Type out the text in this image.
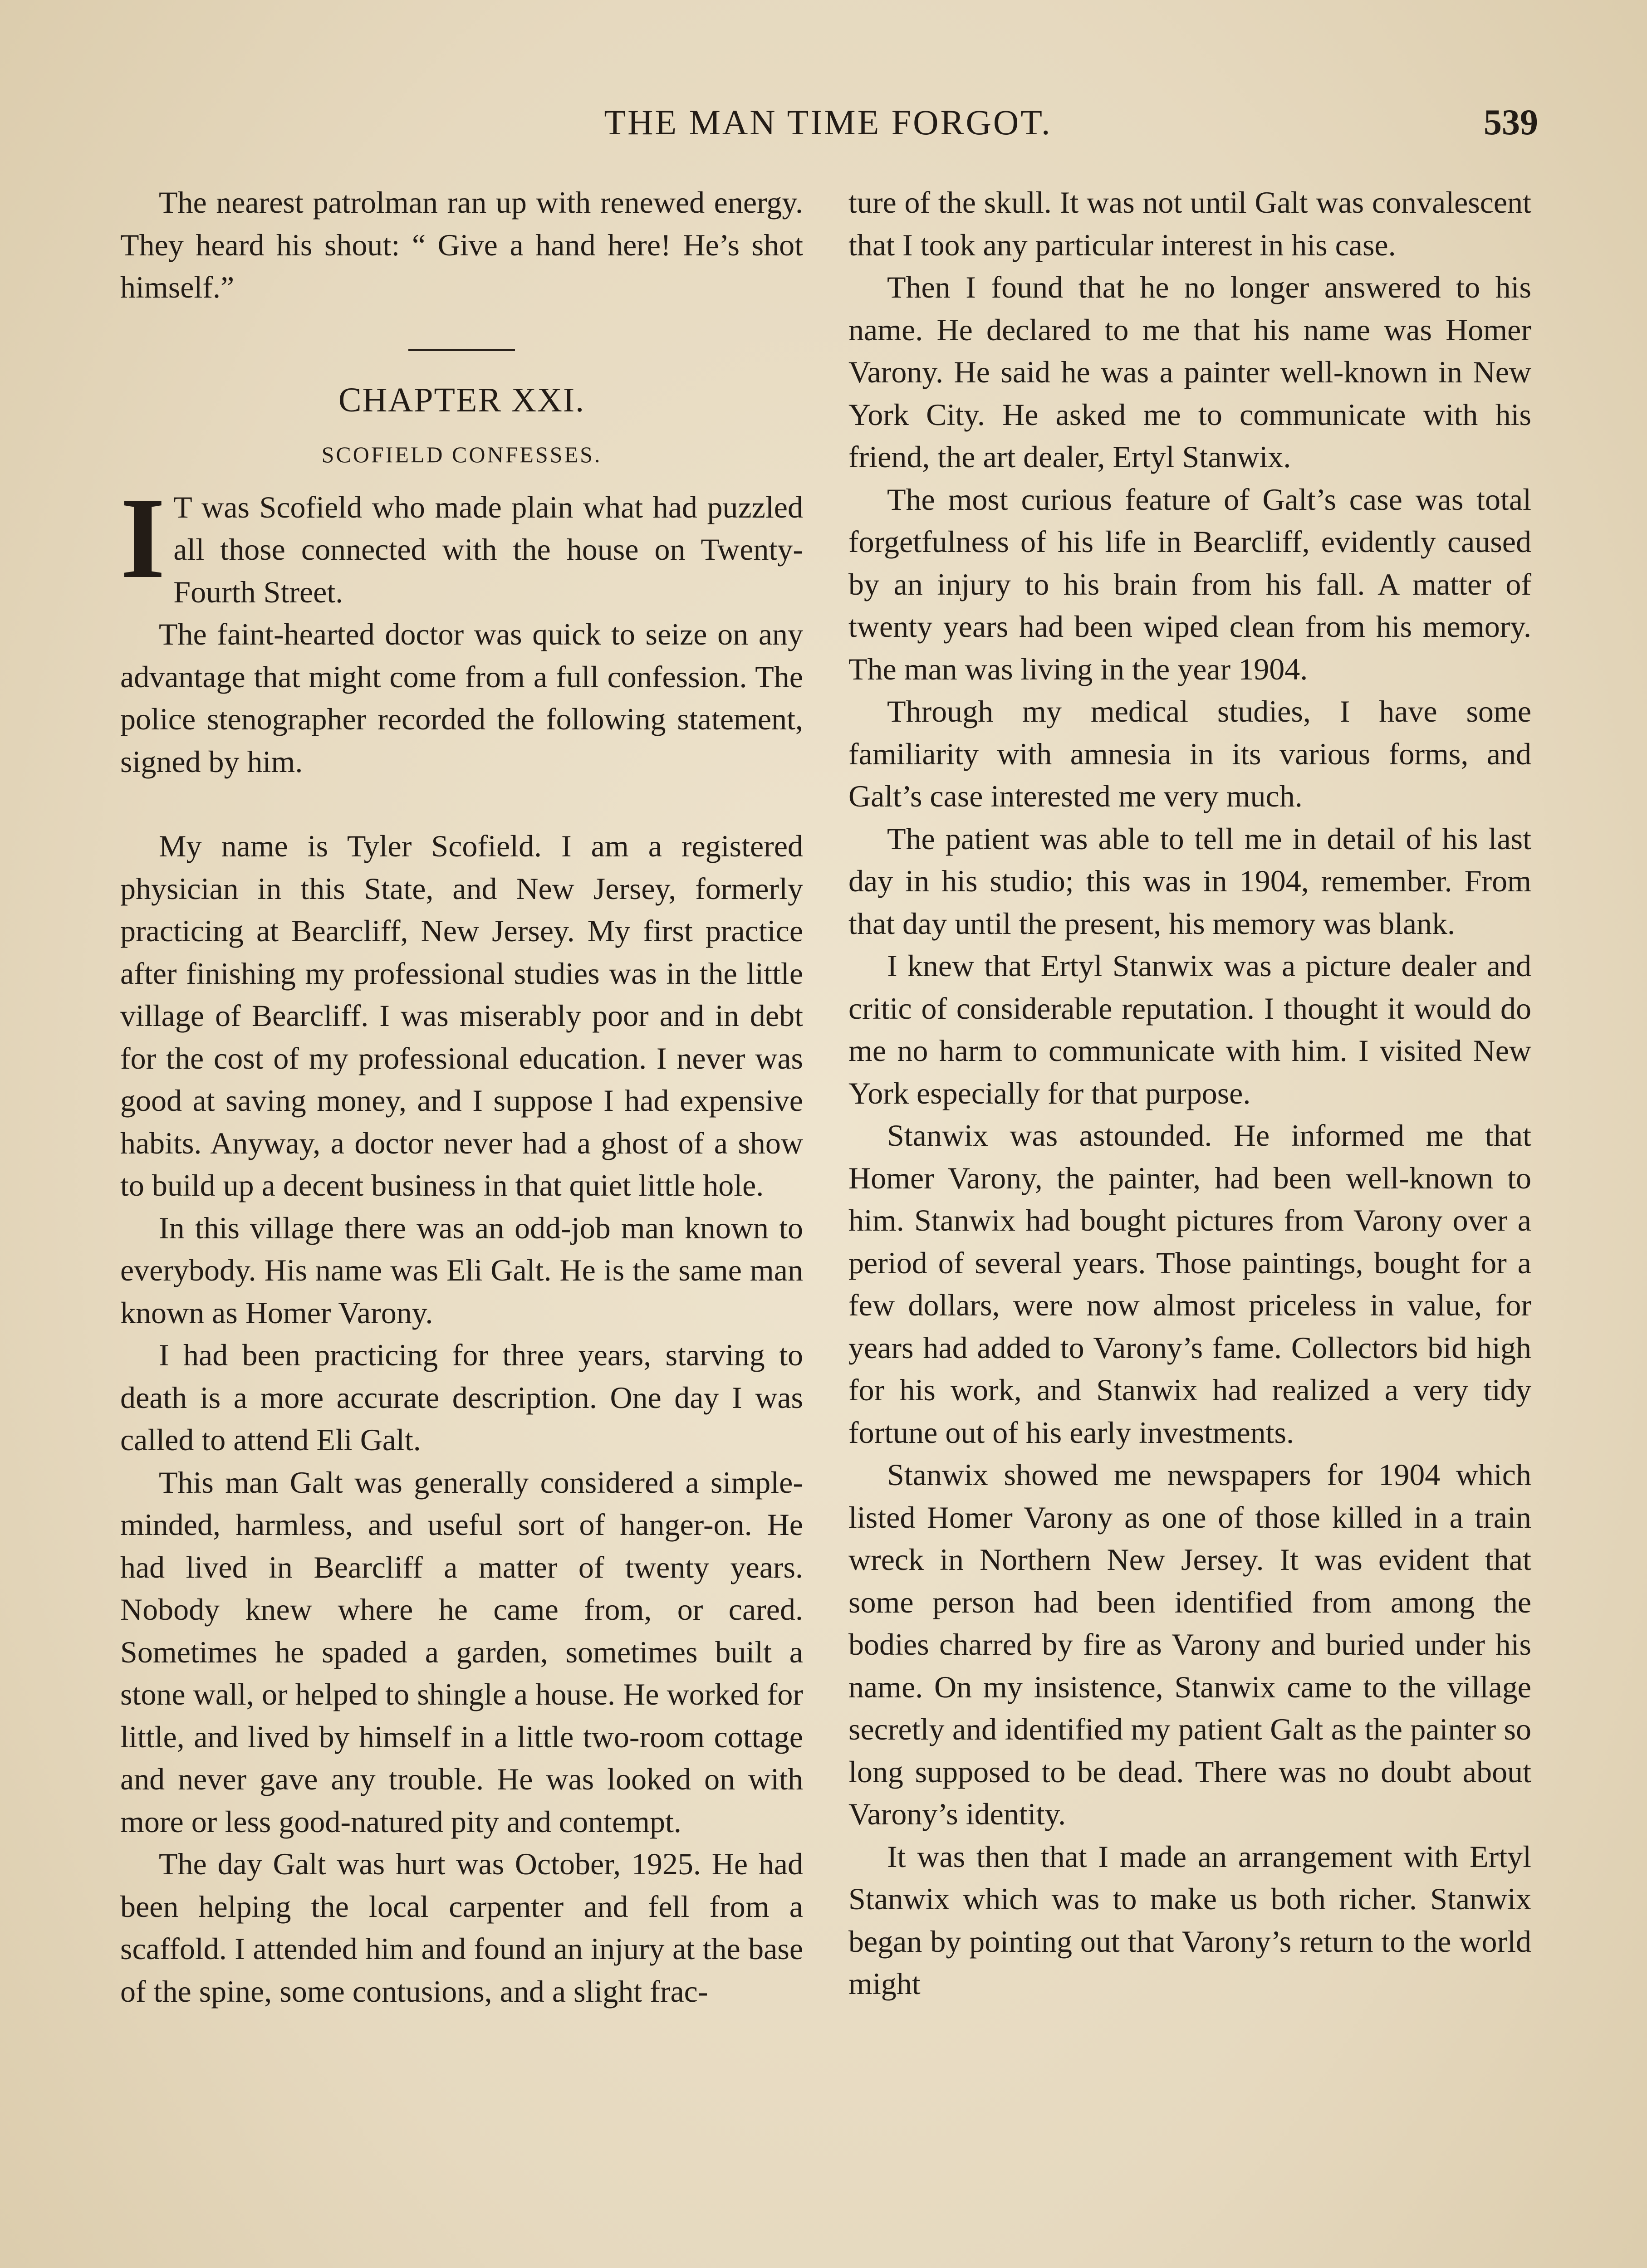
THE MAN TIME FORGOT.	539

The nearest patrolman ran up with renewed energy. They heard his shout: “ Give a hand here! He’s shot himself.”

CHAPTER XXI.
SCOFIELD CONFESSES.

I T was Scofield who made plain what had puzzled all those connected with the house on Twenty-Fourth Street.

The faint-hearted doctor was quick to seize on any advantage that might come from a full confession. The police stenographer recorded the following statement, signed by him.

My name is Tyler Scofield. I am a registered physician in this State, and New Jersey, formerly practicing at Bearcliff, New Jersey. My first practice after finishing my professional studies was in the little village of Bearcliff. I was miserably poor and in debt for the cost of my professional education. I never was good at saving money, and I suppose I had expensive habits. Anyway, a doctor never had a ghost of a show to build up a decent business in that quiet little hole.

In this village there was an odd-job man known to everybody. His name was Eli Galt. He is the same man known as Homer Varony.

I had been practicing for three years, starving to death is a more accurate description. One day I was called to attend Eli Galt.

This man Galt was generally considered a simple-minded, harmless, and useful sort of hanger-on. He had lived in Bearcliff a matter of twenty years. Nobody knew where he came from, or cared. Sometimes he spaded a garden, sometimes built a stone wall, or helped to shingle a house. He worked for little, and lived by himself in a little two-room cottage and never gave any trouble. He was looked on with more or less good-natured pity and contempt.

The day Galt was hurt was October, 1925. He had been helping the local carpenter and fell from a scaffold. I attended him and found an injury at the base of the spine, some contusions, and a slight frac-

ture of the skull. It was not until Galt was convalescent that I took any particular interest in his case.

Then I found that he no longer answered to his name. He declared to me that his name was Homer Varony. He said he was a painter well-known in New York City. He asked me to communicate with his friend, the art dealer, Ertyl Stanwix.

The most curious feature of Galt’s case was total forgetfulness of his life in Bearcliff, evidently caused by an injury to his brain from his fall. A matter of twenty years had been wiped clean from his memory. The man was living in the year 1904.

Through my medical studies, I have some familiarity with amnesia in its various forms, and Galt’s case interested me very much.

The patient was able to tell me in detail of his last day in his studio; this was in 1904, remember. From that day until the present, his memory was blank.

I knew that Ertyl Stanwix was a picture dealer and critic of considerable reputation. I thought it would do me no harm to communicate with him. I visited New York especially for that purpose.

Stanwix was astounded. He informed me that Homer Varony, the painter, had been well-known to him. Stanwix had bought pictures from Varony over a period of several years. Those paintings, bought for a few dollars, were now almost priceless in value, for years had added to Varony’s fame. Collectors bid high for his work, and Stanwix had realized a very tidy fortune out of his early investments.

Stanwix showed me newspapers for 1904 which listed Homer Varony as one of those killed in a train wreck in Northern New Jersey. It was evident that some person had been identified from among the bodies charred by fire as Varony and buried under his name. On my insistence, Stanwix came to the village secretly and identified my patient Galt as the painter so long supposed to be dead. There was no doubt about Varony’s identity.

It was then that I made an arrangement with Ertyl Stanwix which was to make us both richer. Stanwix began by pointing out that Varony’s return to the world might
